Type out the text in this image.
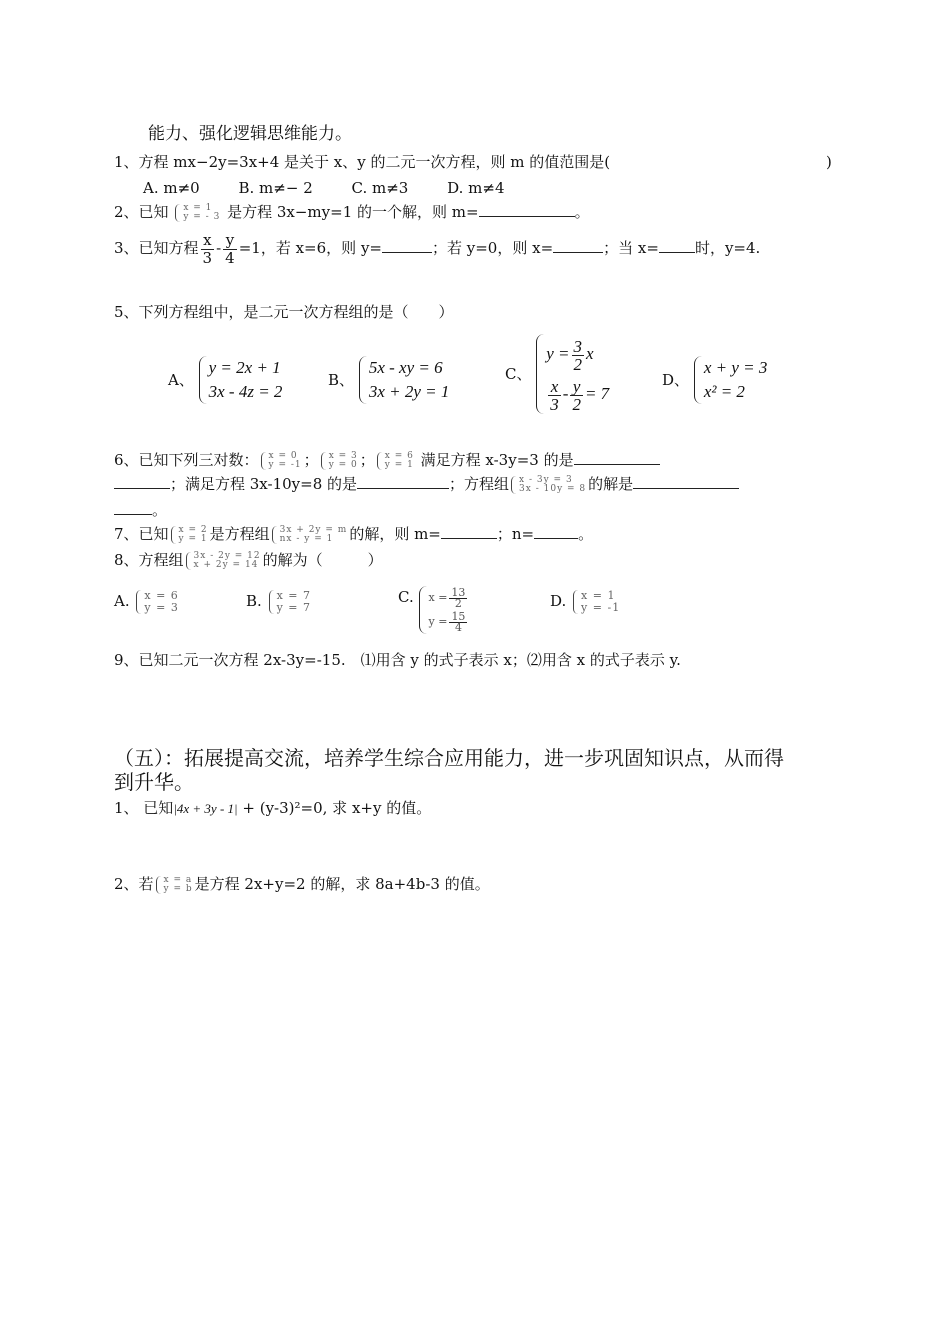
能力、强化逻辑思维能力。
1、方程 mx−2y=3x+4 是关于 x、y 的二元一次方程，则 m 的值范围是(	)
A. m≠0	B. m≠− 2	C. m≠3	D. m≠4
2、已知 x = 1
y = - 3 是方程 3x−my=1 的一个解，则 m=	。
3、已知方程 $\frac{x}{3} - \frac{y}{4} =1$，若 x=6，则 y=	；若 y=0，则 x=	；当 x= 时，y=4.
5、下列方程组中，是二元一次方程组的是（　　）
A、
y = 2x + 1
3x - 4z = 2
B、
5x - xy = 6
3x + 2y = 1
C、
$y = \frac{3}{2}$ x
$\frac{x}{3} - \frac{y}{2} = 7$
D、
x + y = 3
x² = 2
6、已知下列三对数： x = 0
y = -1 ； x = 3
y = 0 ； x = 6
y = 1 满足方程 x-3y=3 的是
；满足方程 3x-10y=8 的是	；方程组 x - 3y = 3
3x - 10y = 8 的解是
。
7、已知 x = 2
y = 1 是方程组 3x + 2y = m
nx - y = 1	的解，则 m=	；n=	。
8、方程组 3x - 2y = 12
x + 2y = 14 的解为（　　　）
A. x = 6
y = 3	B. x = 7
y = 7
C. $x = \frac{13}{2}$
$y = \frac{15}{4}$
D. x = 1
y = -1
9、已知二元一次方程 2x-3y=-15.　⑴用含 y 的式子表示 x；⑵用含 x 的式子表示 y.
（五）：拓展提高交流，培养学生综合应用能力，进一步巩固知识点，从而得
到升华。
1、 已知|4x + 3y - 1| + (y-3)²=0, 求 x+y 的值。
2、若 x = a
y = b 是方程 2x+y=2 的解，求 8a+4b-3 的值。
